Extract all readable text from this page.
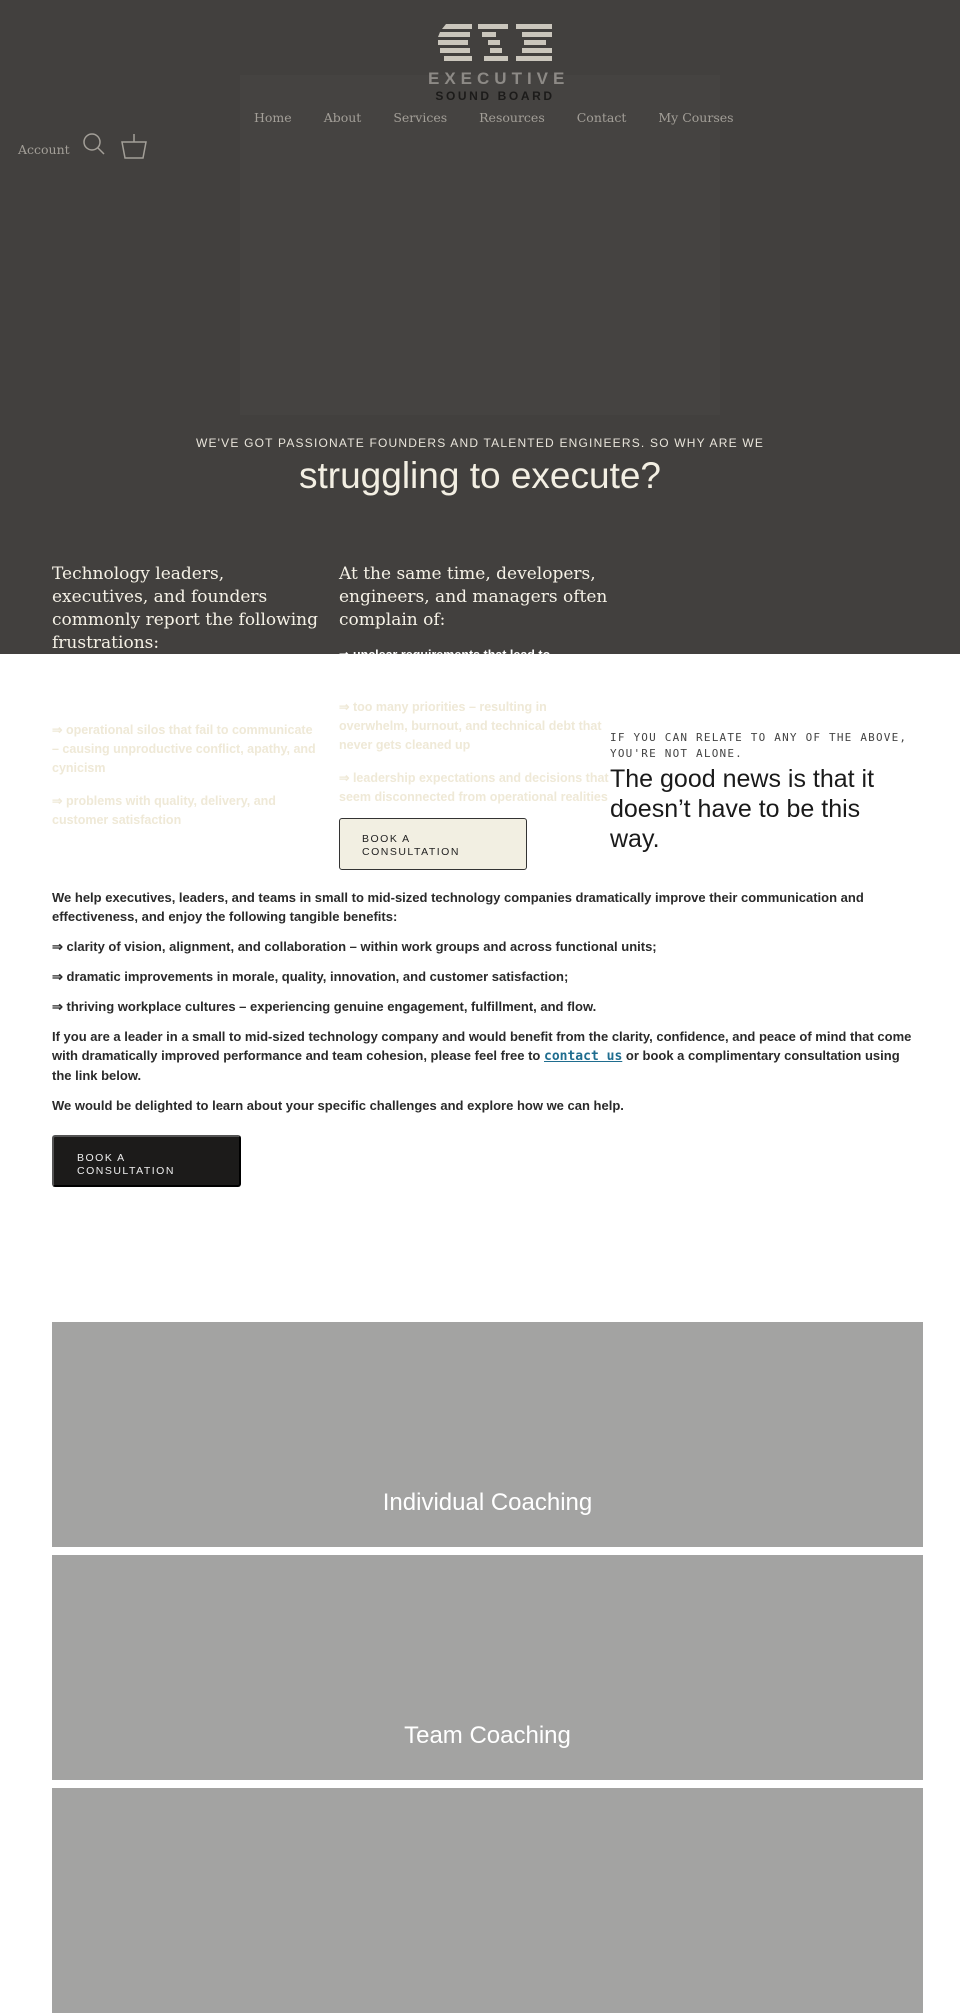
EXECUTIVE
SOUND BOARD
Home	About	Services	Resources	Contact	My Courses
Account
WE'VE GOT PASSIONATE FOUNDERS AND TALENTED ENGINEERS. SO WHY ARE WE
struggling to execute?
Technology leaders, executives, and founders commonly report the following frustrations:
⇒ inability to execute on organizational vision and strategy
⇒ operational silos that fail to communicate – causing unproductive conflict, apathy, and cynicism
⇒ problems with quality, delivery, and customer satisfaction
At the same time, developers, engineers, and managers often complain of:
⇒ unclear requirements that lead to frustrating rework
⇒ too many priorities – resulting in overwhelm, burnout, and technical debt that never gets cleaned up
⇒ leadership expectations and decisions that seem disconnected from operational realities
BOOK A CONSULTATION
IF YOU CAN RELATE TO ANY OF THE ABOVE, YOU'RE NOT ALONE.
The good news is that it doesn’t have to be this way.

We help executives, leaders, and teams in small to mid-sized technology companies dramatically improve their communication and effectiveness, and enjoy the following tangible benefits:

⇒ clarity of vision, alignment, and collaboration – within work groups and across functional units;

⇒ dramatic improvements in morale, quality, innovation, and customer satisfaction;

⇒ thriving workplace cultures – experiencing genuine engagement, fulfillment, and flow.

If you are a leader in a small to mid-sized technology company and would benefit from the clarity, confidence, and peace of mind that come with dramatically improved performance and team cohesion, please feel free to contact us or book a complimentary consultation using the link below.

We would be delighted to learn about your specific challenges and explore how we can help.

BOOK A CONSULTATION
Individual Coaching
Team Coaching
